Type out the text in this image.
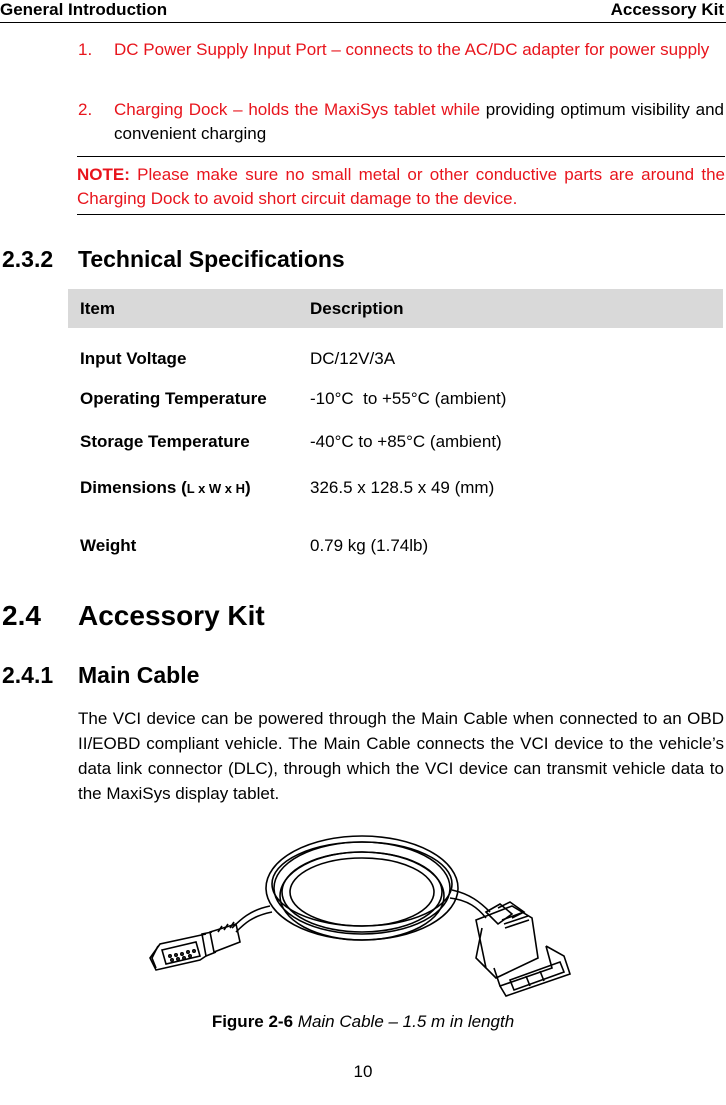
General Introduction	Accessory Kit
1. DC Power Supply Input Port – connects to the AC/DC adapter for power supply
2. Charging Dock – holds the MaxiSys tablet while providing optimum visibility and convenient charging
NOTE: Please make sure no small metal or other conductive parts are around the Charging Dock to avoid short circuit damage to the device.
2.3.2 Technical Specifications
Item	Description
Input Voltage	DC/12V/3A
Operating Temperature	-10°C  to +55°C (ambient)
Storage Temperature	-40°C to +85°C (ambient)
Dimensions (L x W x H)	326.5 x 128.5 x 49 (mm)
Weight	0.79 kg (1.74lb)
2.4 Accessory Kit
2.4.1 Main Cable
The VCI device can be powered through the Main Cable when connected to an OBD II/EOBD compliant vehicle. The Main Cable connects the VCI device to the vehicle’s data link connector (DLC), through which the VCI device can transmit vehicle data to the MaxiSys display tablet.
Figure 2-6 Main Cable – 1.5 m in length
10
